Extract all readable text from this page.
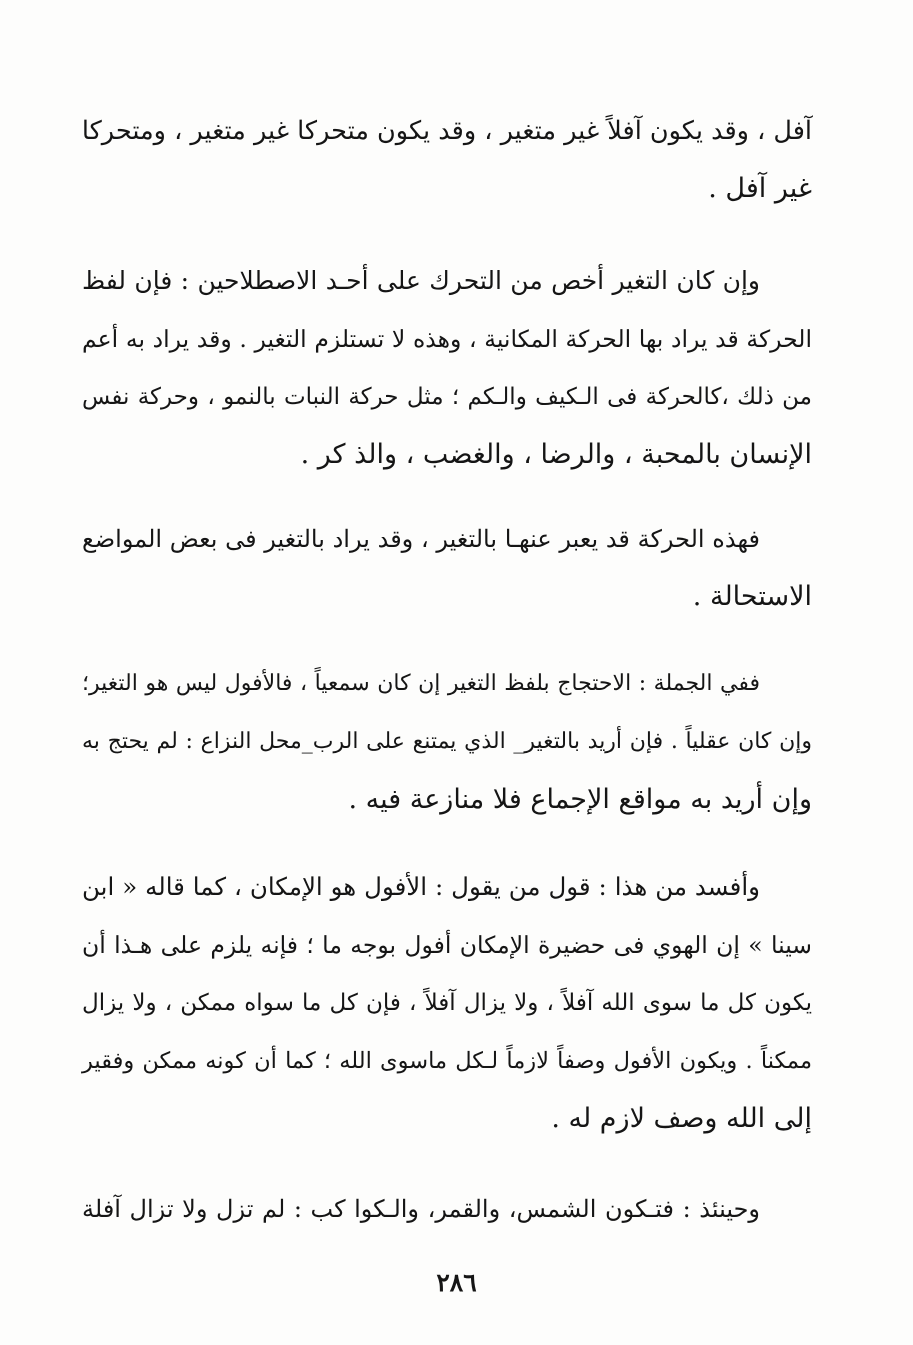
آفل ، وقد يكون آفلاً غير متغير ، وقد يكون متحركا غير متغير ، ومتحركا
غير آفل .
وإن كان التغير أخص من التحرك على أحـد الاصطلاحين : فإن لفظ
الحركة قد يراد بها الحركة المكانية ، وهذه لا تستلزم التغير . وقد يراد به أعم
من ذلك ،كالحركة فى الـكيف والـكم ؛ مثل حركة النبات بالنمو ، وحركة نفس
الإنسان بالمحبة ، والرضا ، والغضب ، والذ كر .
فهذه الحركة قد يعبر عنهـا بالتغير ، وقد يراد بالتغير فى بعض المواضع
الاستحالة .
ففي الجملة : الاحتجاج بلفظ التغير إن كان سمعياً ، فالأفول ليس هو التغير؛
وإن كان عقلياً . فإن أريد بالتغير_ الذي يمتنع على الرب_محل النزاع : لم يحتج به
وإن أريد به مواقع الإجماع فلا منازعة فيه .
وأفسد من هذا : قول من يقول : الأفول هو الإمكان ، كما قاله « ابن
سينا » إن الهوي فى حضيرة الإمكان أفول بوجه ما ؛ فإنه يلزم على هـذا أن
يكون كل ما سوى الله آفلاً ، ولا يزال آفلاً ، فإن كل ما سواه ممكن ، ولا يزال
ممكناً . ويكون الأفول وصفاً لازماً لـكل ماسوى الله ؛ كما أن كونه ممكن وفقير
إلى الله وصف لازم له .
وحينئذ : فتـكون الشمس، والقمر، والـكوا كب : لم تزل ولا تزال آفلة
٢٨٦
